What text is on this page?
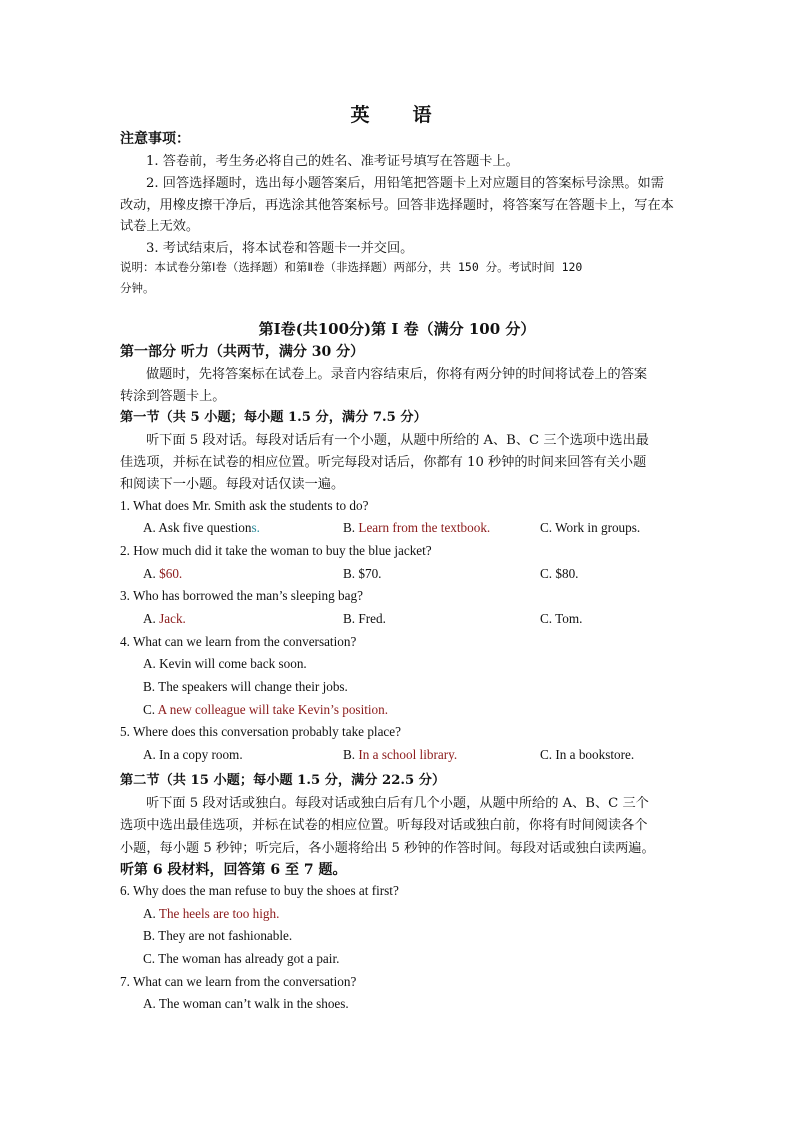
英　语
注意事项：
1. 答卷前，考生务必将自己的姓名、准考证号填写在答题卡上。
2. 回答选择题时，选出每小题答案后，用铅笔把答题卡上对应题目的答案标号涂黑。如需
改动，用橡皮擦干净后，再选涂其他答案标号。回答非选择题时，将答案写在答题卡上，写在本
试卷上无效。
3. 考试结束后，将本试卷和答题卡一并交回。
说明：本试卷分第Ⅰ卷（选择题）和第Ⅱ卷（非选择题）两部分，共 150 分。考试时间 120
分钟。
第I卷(共100分)第 I 卷（满分 100 分）
第一部分 听力（共两节，满分 30 分）
做题时，先将答案标在试卷上。录音内容结束后，你将有两分钟的时间将试卷上的答案
转涂到答题卡上。
第一节（共 5 小题；每小题 1.5 分，满分 7.5 分）
听下面 5 段对话。每段对话后有一个小题，从题中所给的 A、B、C 三个选项中选出最
佳选项，并标在试卷的相应位置。听完每段对话后，你都有 10 秒钟的时间来回答有关小题
和阅读下一小题。每段对话仅读一遍。
1. What does Mr. Smith ask the students to do?
A. Ask five questions.	B. Learn from the textbook.	C. Work in groups.
2. How much did it take the woman to buy the blue jacket?
A. $60.	B. $70.	C. $80.
3. Who has borrowed the man’s sleeping bag?
A. Jack.	B. Fred.	C. Tom.
4. What can we learn from the conversation?
A. Kevin will come back soon.
B. The speakers will change their jobs.
C. A new colleague will take Kevin’s position.
5. Where does this conversation probably take place?
A. In a copy room.	B. In a school library.	C. In a bookstore.
第二节（共 15 小题；每小题 1.5 分，满分 22.5 分）
听下面 5 段对话或独白。每段对话或独白后有几个小题，从题中所给的 A、B、C 三个
选项中选出最佳选项，并标在试卷的相应位置。听每段对话或独白前，你将有时间阅读各个
小题，每小题 5 秒钟；听完后，各小题将给出 5 秒钟的作答时间。每段对话或独白读两遍。
听第 6 段材料，回答第 6 至 7 题。
6. Why does the man refuse to buy the shoes at first?
A. The heels are too high.
B. They are not fashionable.
C. The woman has already got a pair.
7. What can we learn from the conversation?
A. The woman can’t walk in the shoes.
